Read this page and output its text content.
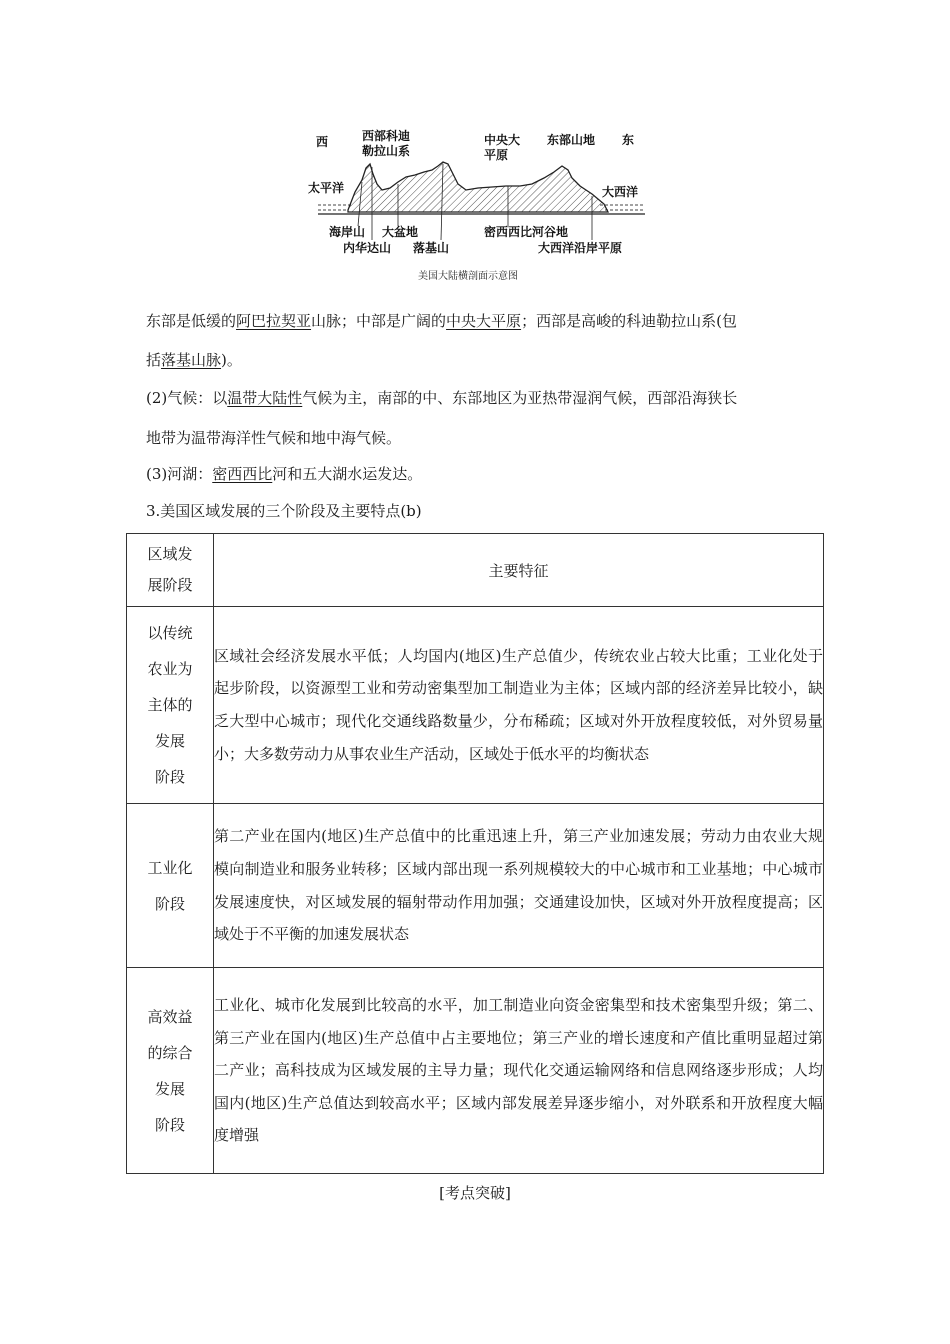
西	西部科迪
勒拉山系
中央大
平原
东部山地 东
太平洋	大西洋
海岸山 大盆地	密西西比河谷地
内华达山 落基山	大西洋沿岸平原
美国大陆横剖面示意图
东部是低缓的阿巴拉契亚山脉；中部是广阔的中央大平原；西部是高峻的科迪勒拉山系(包
括落基山脉)。
(2)气候：以温带大陆性气候为主，南部的中、东部地区为亚热带湿润气候，西部沿海狭长
地带为温带海洋性气候和地中海气候。
(3)河湖：密西西比河和五大湖水运发达。
3.美国区域发展的三个阶段及主要特点(b)
区域发
展阶段	主要特征

以传统
农业为
主体的
发展
阶段	区域社会经济发展水平低；人均国内(地区)生产总值少，传统农业占较大比重；工业化处于起步阶段，以资源型工业和劳动密集型加工制造业为主体；区域内部的经济差异比较小，缺乏大型中心城市；现代化交通线路数量少，分布稀疏；区域对外开放程度较低，对外贸易量小；大多数劳动力从事农业生产活动，区域处于低水平的均衡状态

工业化
阶段	第二产业在国内(地区)生产总值中的比重迅速上升，第三产业加速发展；劳动力由农业大规模向制造业和服务业转移；区域内部出现一系列规模较大的中心城市和工业基地；中心城市发展速度快，对区域发展的辐射带动作用加强；交通建设加快，区域对外开放程度提高；区域处于不平衡的加速发展状态

高效益
的综合
发展
阶段	工业化、城市化发展到比较高的水平，加工制造业向资金密集型和技术密集型升级；第二、第三产业在国内(地区)生产总值中占主要地位；第三产业的增长速度和产值比重明显超过第二产业；高科技成为区域发展的主导力量；现代化交通运输网络和信息网络逐步形成；人均国内(地区)生产总值达到较高水平；区域内部发展差异逐步缩小，对外联系和开放程度大幅度增强
[考点突破]
